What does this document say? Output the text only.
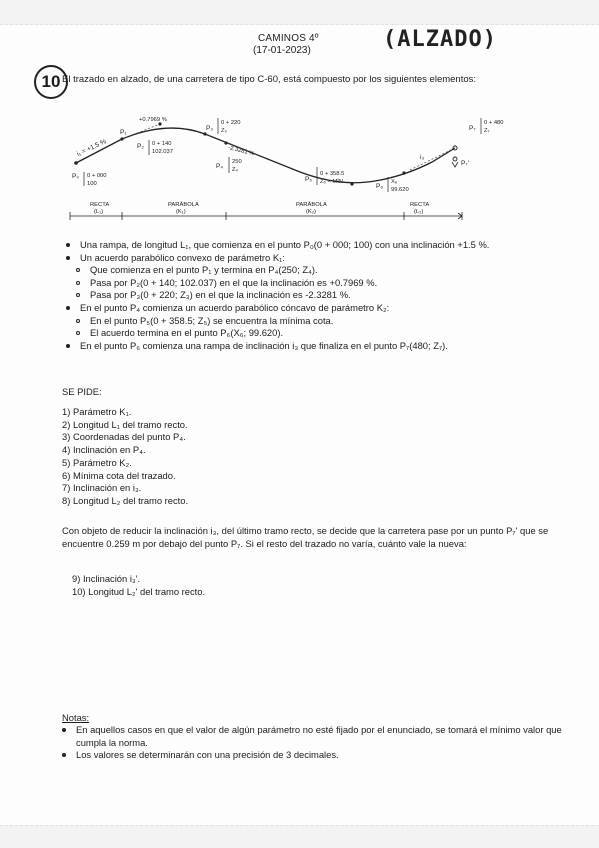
CAMINOS 4º
(17-01-2023)	(ALZADO)
10 El trazado en alzado, de una carretera de tipo C-60, está compuesto por los siguientes elementos:
P₀ 0 + 000
100
i₁ = +1.5 %
P₁
P₂ 0 + 140
102.037
+0.7969 %
P₃
0 + 220
Z₃
-2.3281 %
P₄
250
Z₄
P₅
0 + 358.5
Z₅ = MÍN
P₆
X₆
99.620
i₃
P₇
0 + 480
Z₇
P₇'
RECTA
(L₁)
PARÁBOLA
(K₁)
PARÁBOLA
(K₂)
RECTA
(L₂)
Una rampa, de longitud L₁, que comienza en el punto P₀(0 + 000; 100) con una inclinación +1.5 %.
Un acuerdo parabólico convexo de parámetro K₁:
Que comienza en el punto P₁ y termina en P₄(250; Z₄).
Pasa por P₂(0 + 140; 102.037) en el que la inclinación es +0.7969 %.
Pasa por P₃(0 + 220; Z₃) en el que la inclinación es -2.3281 %.
En el punto P₄ comienza un acuerdo parabólico cóncavo de parámetro K₂:
En el punto P₅(0 + 358.5; Z₅) se encuentra la mínima cota.
El acuerdo termina en el punto P₆(X₆; 99.620).
En el punto P₆ comienza una rampa de inclinación i₃ que finaliza en el punto P₇(480; Z₇).
SE PIDE:
1) Parámetro K₁.
2) Longitud L₁ del tramo recto.
3) Coordenadas del punto P₄.
4) Inclinación en P₄.
5) Parámetro K₂.
6) Mínima cota del trazado.
7) Inclinación en i₃.
8) Longitud L₂ del tramo recto.
Con objeto de reducir la inclinación i₃, del último tramo recto, se decide que la carretera pase por un punto P₇' que se encuentre 0.259 m por debajo del punto P₇. Si el resto del trazado no varía, cuánto vale la nueva:
9) Inclinación i₃'.
10) Longitud L₂' del tramo recto.
Notas:
En aquellos casos en que el valor de algún parámetro no esté fijado por el enunciado, se tomará el mínimo valor que cumpla la norma.
Los valores se determinarán con una precisión de 3 decimales.
